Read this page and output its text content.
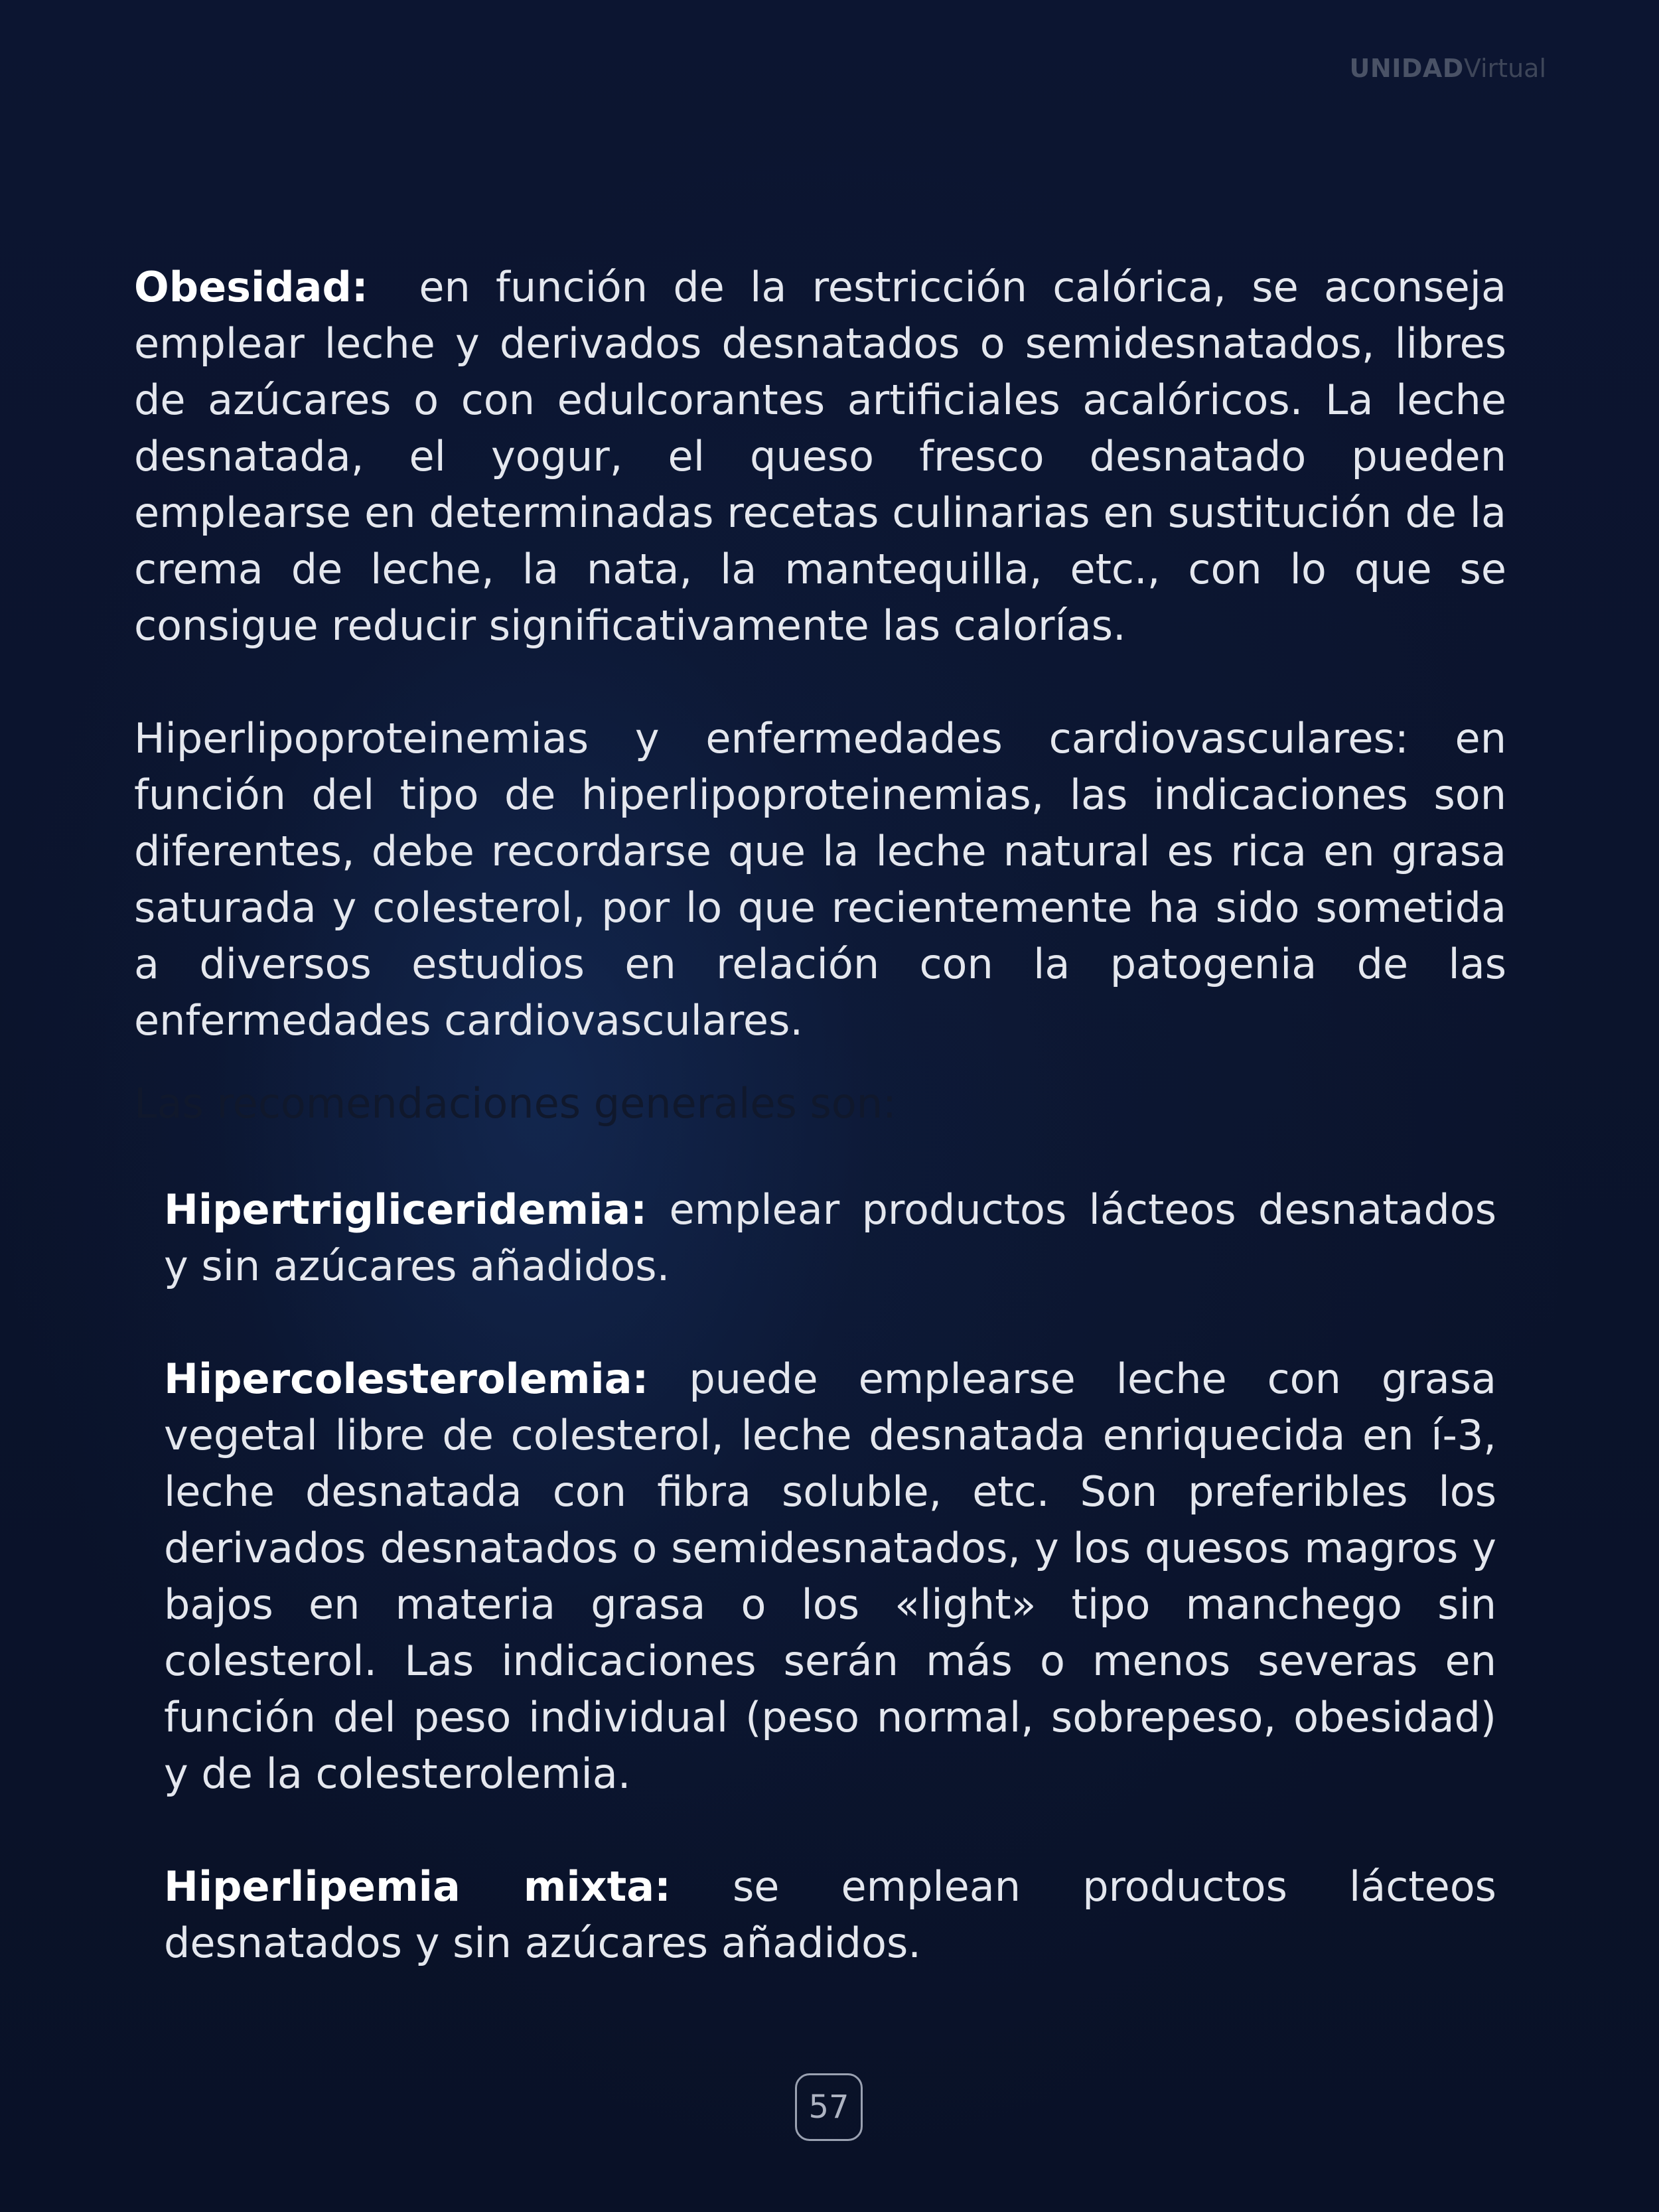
UNIDADVirtual

Obesidad: en función de la restricción calórica, se aconseja emplear leche y derivados desnatados o semidesnatados, libres de azúcares o con edulcorantes artificiales acalóricos. La leche desnatada, el yogur, el queso fresco desnatado pueden emplearse en determinadas recetas culinarias en sustitución de la crema de leche, la nata, la mantequilla, etc., con lo que se consigue reducir significativamente las calorías.

Hiperlipoproteinemias y enfermedades cardiovasculares: en función del tipo de hiperlipoproteinemias, las indicaciones son diferentes, debe recordarse que la leche natural es rica en grasa saturada y colesterol, por lo que recientemente ha sido sometida a diversos estudios en relación con la patogenia de las enfermedades cardiovasculares.

Las recomendaciones generales son:

Hipertrigliceridemia: emplear productos lácteos desnatados y sin azúcares añadidos.

Hipercolesterolemia: puede emplearse leche con grasa vegetal libre de colesterol, leche desnatada enriquecida en í-3, leche desnatada con fibra soluble, etc. Son preferibles los derivados desnatados o semidesnatados, y los quesos magros y bajos en materia grasa o los «light» tipo manchego sin colesterol. Las indicaciones serán más o menos severas en función del peso individual (peso normal, sobrepeso, obesidad) y de la colesterolemia.

Hiperlipemia mixta: se emplean productos lácteos desnatados y sin azúcares añadidos.

57
